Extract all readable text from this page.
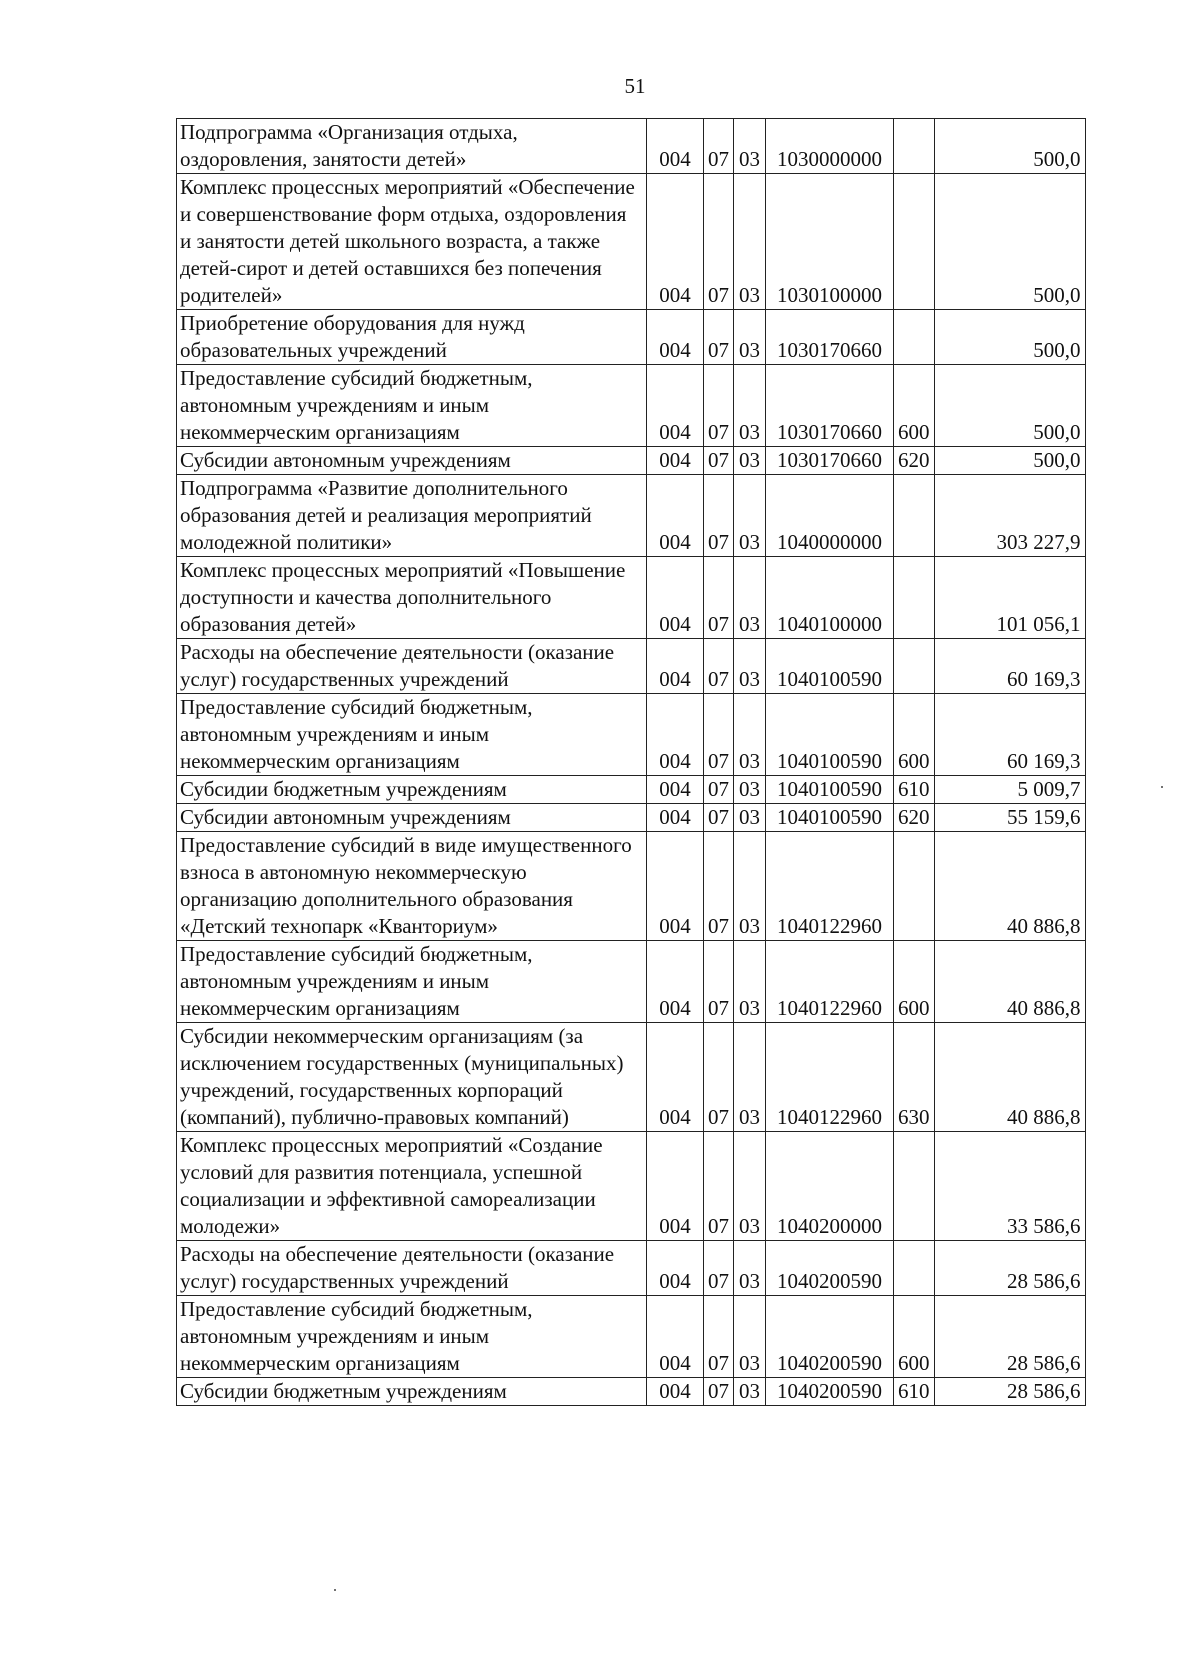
51
Подпрограмма «Организация отдыха, оздоровления, занятости детей»	004	07	03	1030000000		500,0
Комплекс процессных мероприятий «Обеспечение и совершенствование форм отдыха, оздоровления и занятости детей школьного возраста, а также детей-сирот и детей оставшихся без попечения родителей»	004	07	03	1030100000		500,0
Приобретение оборудования для нужд образовательных учреждений	004	07	03	1030170660		500,0
Предоставление субсидий бюджетным, автономным учреждениям и иным некоммерческим организациям	004	07	03	1030170660	600	500,0
Субсидии автономным учреждениям	004	07	03	1030170660	620	500,0
Подпрограмма «Развитие дополнительного образования детей и реализация мероприятий молодежной политики»	004	07	03	1040000000		303 227,9
Комплекс процессных мероприятий «Повышение доступности и качества дополнительного образования детей»	004	07	03	1040100000		101 056,1
Расходы на обеспечение деятельности (оказание услуг) государственных учреждений	004	07	03	1040100590		60 169,3
Предоставление субсидий бюджетным, автономным учреждениям и иным некоммерческим организациям	004	07	03	1040100590	600	60 169,3
Субсидии бюджетным учреждениям	004	07	03	1040100590	610	5 009,7
Субсидии автономным учреждениям	004	07	03	1040100590	620	55 159,6
Предоставление субсидий в виде имущественного взноса в автономную некоммерческую организацию дополнительного образования «Детский технопарк «Кванториум»	004	07	03	1040122960		40 886,8
Предоставление субсидий бюджетным, автономным учреждениям и иным некоммерческим организациям	004	07	03	1040122960	600	40 886,8
Субсидии некоммерческим организациям (за исключением государственных (муниципальных) учреждений, государственных корпораций (компаний), публично-правовых компаний)	004	07	03	1040122960	630	40 886,8
Комплекс процессных мероприятий «Создание условий для развития потенциала, успешной социализации и эффективной самореализации молодежи»	004	07	03	1040200000		33 586,6
Расходы на обеспечение деятельности (оказание услуг) государственных учреждений	004	07	03	1040200590		28 586,6
Предоставление субсидий бюджетным, автономным учреждениям и иным некоммерческим организациям	004	07	03	1040200590	600	28 586,6
Субсидии бюджетным учреждениям	004	07	03	1040200590	610	28 586,6
